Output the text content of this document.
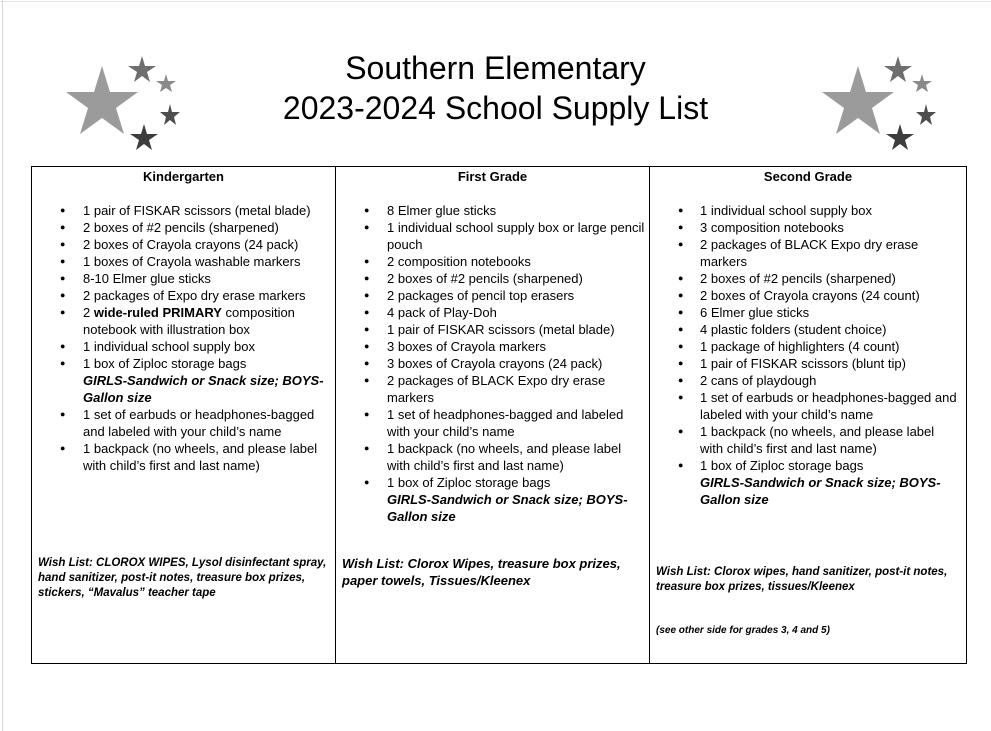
Southern Elementary
2023-2024 School Supply List
Kindergarten
● 1 pair of FISKAR scissors (metal blade)
● 2 boxes of #2 pencils (sharpened)
● 2 boxes of Crayola crayons (24 pack)
● 1 boxes of Crayola washable markers
● 8-10 Elmer glue sticks
● 2 packages of Expo dry erase markers
● 2 wide-ruled PRIMARY composition notebook with illustration box
● 1 individual school supply box
● 1 box of Ziploc storage bags
GIRLS-Sandwich or Snack size; BOYS-Gallon size
● 1 set of earbuds or headphones-bagged and labeled with your child’s name
● 1 backpack (no wheels, and please label with child’s first and last name)
Wish List: CLOROX WIPES, Lysol disinfectant spray, hand sanitizer, post-it notes, treasure box prizes, stickers, “Mavalus” teacher tape
First Grade
● 8 Elmer glue sticks
● 1 individual school supply box or large pencil pouch
● 2 composition notebooks
● 2 boxes of #2 pencils (sharpened)
● 2 packages of pencil top erasers
● 4 pack of Play-Doh
● 1 pair of FISKAR scissors (metal blade)
● 3 boxes of Crayola markers
● 3 boxes of Crayola crayons (24 pack)
● 2 packages of BLACK Expo dry erase markers
● 1 set of headphones-bagged and labeled with your child’s name
● 1 backpack (no wheels, and please label with child’s first and last name)
● 1 box of Ziploc storage bags
GIRLS-Sandwich or Snack size; BOYS-Gallon size
Wish List: Clorox Wipes, treasure box prizes, paper towels, Tissues/Kleenex
Second Grade
● 1 individual school supply box
● 3 composition notebooks
● 2 packages of BLACK Expo dry erase markers
● 2 boxes of #2 pencils (sharpened)
● 2 boxes of Crayola crayons (24 count)
● 6 Elmer glue sticks
● 4 plastic folders (student choice)
● 1 package of highlighters (4 count)
● 1 pair of FISKAR scissors (blunt tip)
● 2 cans of playdough
● 1 set of earbuds or headphones-bagged and labeled with your child’s name
● 1 backpack (no wheels, and please label with child’s first and last name)
● 1 box of Ziploc storage bags
GIRLS-Sandwich or Snack size; BOYS-Gallon size
Wish List: Clorox wipes, hand sanitizer, post-it notes, treasure box prizes, tissues/Kleenex
(see other side for grades 3, 4 and 5)
